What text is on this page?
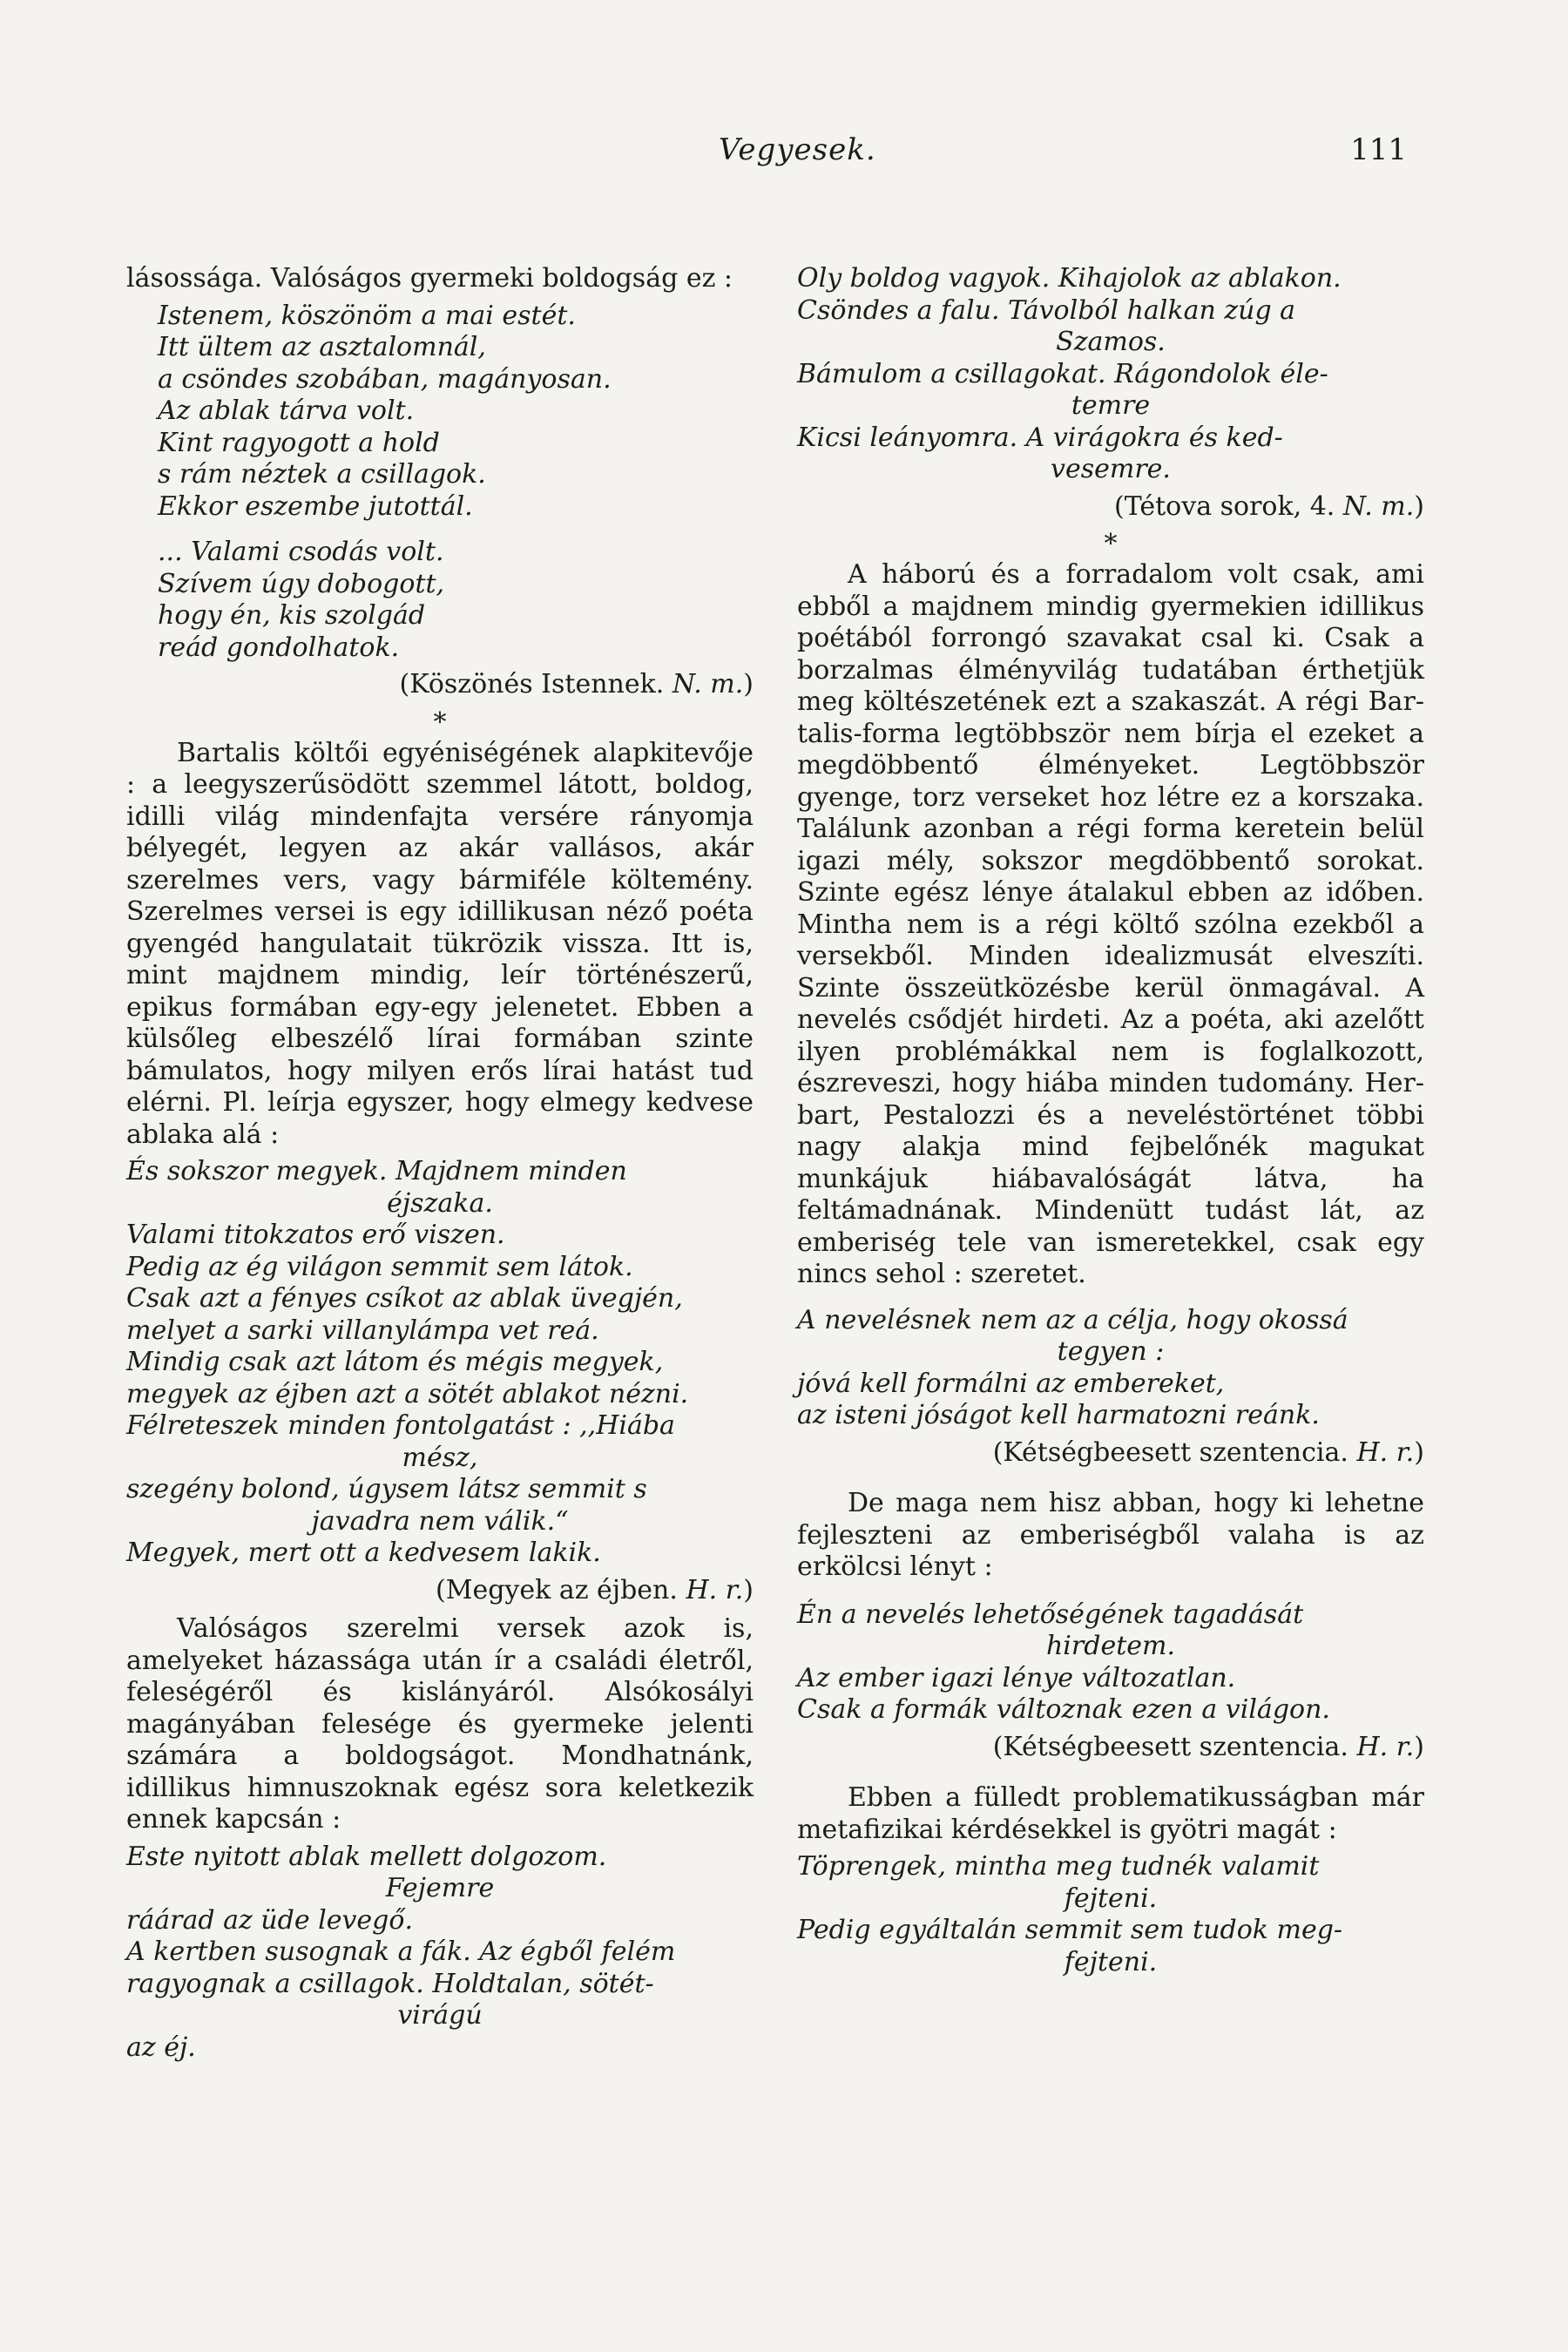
Vegyesek.	111

lásossága. Valóságos gyermeki boldogság ez :

Istenem, köszönöm a mai estét.
Itt ültem az asztalomnál,
a csöndes szobában, magányosan.
Az ablak tárva volt.
Kint ragyogott a hold
s rám néztek a csillagok.
Ekkor eszembe jutottál.
... Valami csodás volt.
Szívem úgy dobogott,
hogy én, kis szolgád
reád gondolhatok.
(Köszönés Istennek. N. m.)
*

Bartalis költői egyéniségének alapkitevője : a leegyszerűsödött szemmel látott, boldog, idilli világ mindenfajta versére rányomja bélyegét, legyen az akár vallásos, akár szerelmes vers, vagy bármiféle költemény. Szerelmes versei is egy idillikusan néző poéta gyengéd hangulatait tükrözik vissza. Itt is, mint majdnem mindig, leír történészerű, epikus formában egy-egy jelenetet. Ebben a külsőleg elbeszélő lírai formában szinte bámulatos, hogy milyen erős lírai hatást tud elérni. Pl. leírja egyszer, hogy elmegy kedvese ablaka alá :

És sokszor megyek. Majdnem minden
éjszaka.
Valami titokzatos erő viszen.
Pedig az ég világon semmit sem látok.
Csak azt a fényes csíkot az ablak üvegjén,
melyet a sarki villanylámpa vet reá.
Mindig csak azt látom és mégis megyek,
megyek az éjben azt a sötét ablakot nézni.
Félreteszek minden fontolgatást : ,,Hiába
mész,
szegény bolond, úgysem látsz semmit s
javadra nem válik.“
Megyek, mert ott a kedvesem lakik.
(Megyek az éjben. H. r.)

Valóságos szerelmi versek azok is, amelyeket házassága után ír a családi életről, feleségéről és kislányáról. Alsókosályi magányában felesége és gyermeke jelenti számára a boldogságot. Mondhatnánk, idillikus himnuszoknak egész sora keletkezik ennek kapcsán :

Este nyitott ablak mellett dolgozom.
Fejemre
ráárad az üde levegő.
A kertben susognak a fák. Az égből felém
ragyognak a csillagok. Holdtalan, sötét-
virágú
az éj.
Oly boldog vagyok. Kihajolok az ablakon.
Csöndes a falu. Távolból halkan zúg a
Szamos.
Bámulom a csillagokat. Rágondolok éle-
temre
Kicsi leányomra. A virágokra és ked-
vesemre.
(Tétova sorok, 4. N. m.)
*

A háború és a forradalom volt csak, ami ebből a majdnem mindig gyermekien idillikus poétából forrongó szavakat csal ki. Csak a borzalmas élményvilág tudatában érthetjük meg költészetének ezt a szakaszát. A régi Bartalis-forma legtöbbször nem bírja el ezeket a megdöbbentő élményeket. Legtöbbször gyenge, torz verseket hoz létre ez a korszaka. Találunk azonban a régi forma keretein belül igazi mély, sokszor megdöbbentő sorokat. Szinte egész lénye átalakul ebben az időben. Mintha nem is a régi költő szólna ezekből a versekből. Minden idealizmusát elveszíti. Szinte összeütközésbe kerül önmagával. A nevelés csődjét hirdeti. Az a poéta, aki azelőtt ilyen problémákkal nem is foglalkozott, észreveszi, hogy hiába minden tudomány. Herbart, Pestalozzi és a neveléstörténet többi nagy alakja mind fejbelőnék magukat munkájuk hiábavalóságát látva, ha feltámadnának. Mindenütt tudást lát, az emberiség tele van ismeretekkel, csak egy nincs sehol : szeretet.

A nevelésnek nem az a célja, hogy okossá
tegyen :
jóvá kell formálni az embereket,
az isteni jóságot kell harmatozni reánk.
(Kétségbeesett szentencia. H. r.)

De maga nem hisz abban, hogy ki lehetne fejleszteni az emberiségből valaha is az erkölcsi lényt :

Én a nevelés lehetőségének tagadását
hirdetem.
Az ember igazi lénye változatlan.
Csak a formák változnak ezen a világon.
(Kétségbeesett szentencia. H. r.)

Ebben a fülledt problematikusságban már metafizikai kérdésekkel is gyötri magát :

Töprengek, mintha meg tudnék valamit
fejteni.
Pedig egyáltalán semmit sem tudok meg-
fejteni.
